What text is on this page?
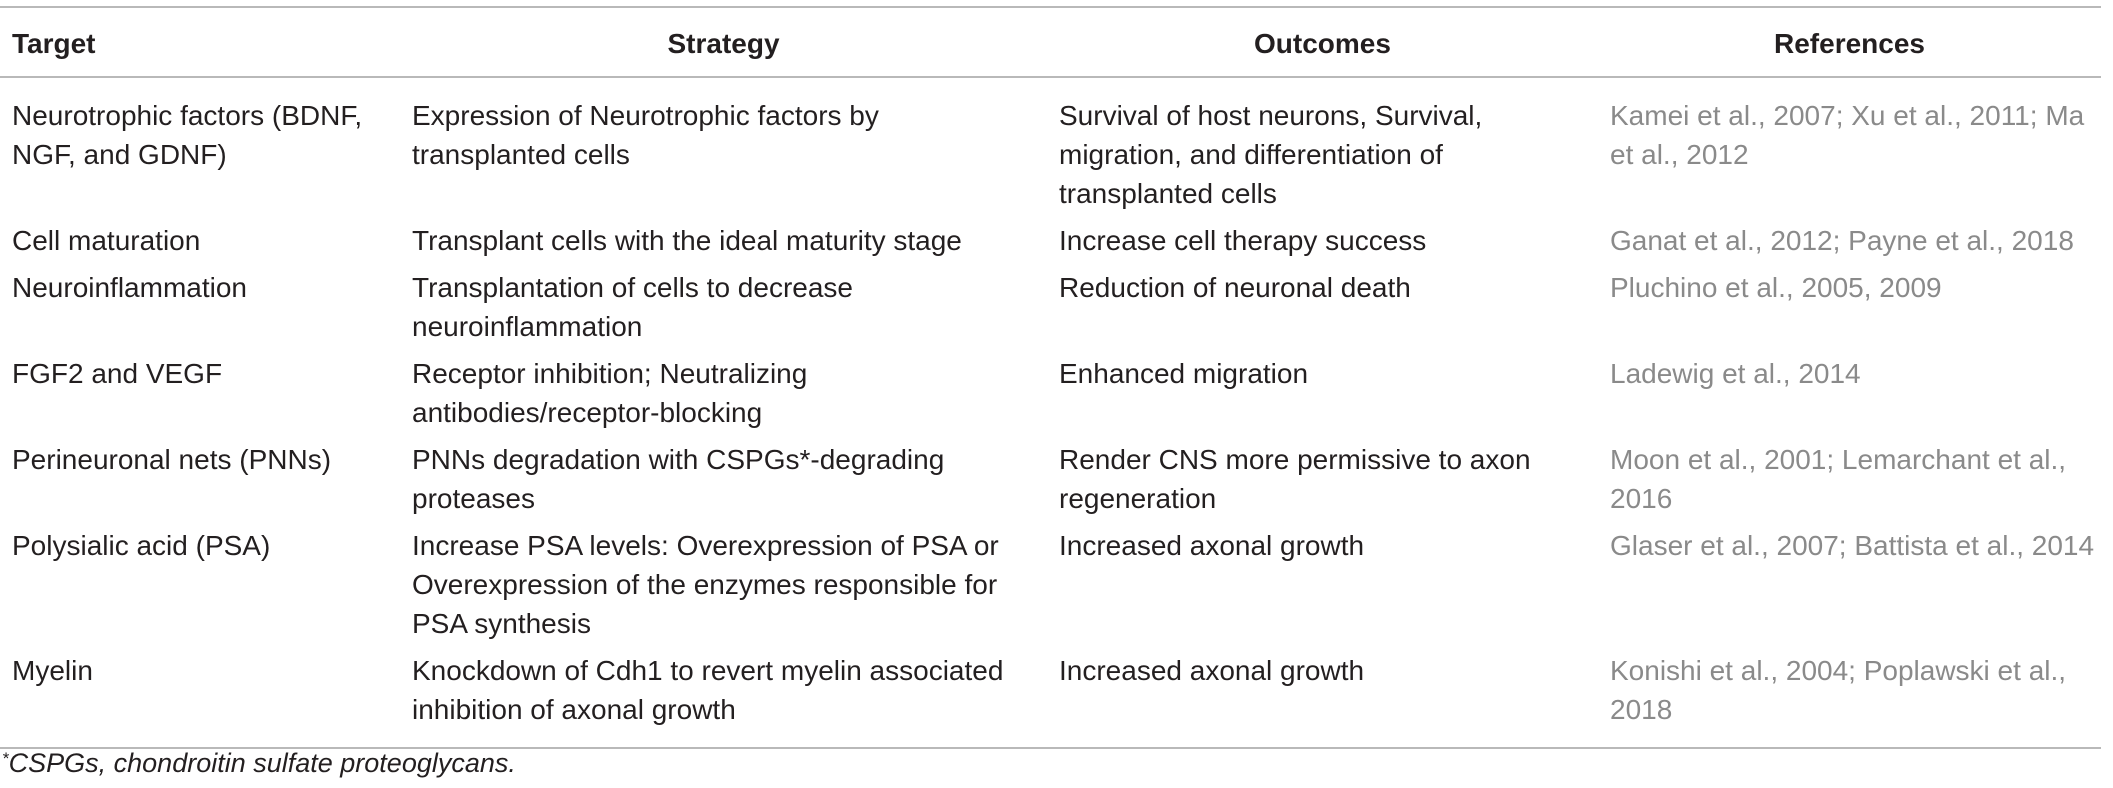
Target	Strategy	Outcomes	References
Neurotrophic factors (BDNF, NGF, and GDNF)	Expression of Neurotrophic factors by transplanted cells	Survival of host neurons, Survival, migration, and differentiation of transplanted cells	Kamei et al., 2007; Xu et al., 2011; Ma et al., 2012
Cell maturation	Transplant cells with the ideal maturity stage	Increase cell therapy success	Ganat et al., 2012; Payne et al., 2018
Neuroinflammation	Transplantation of cells to decrease neuroinflammation	Reduction of neuronal death	Pluchino et al., 2005, 2009
FGF2 and VEGF	Receptor inhibition; Neutralizing antibodies/receptor-blocking	Enhanced migration	Ladewig et al., 2014
Perineuronal nets (PNNs)	PNNs degradation with CSPGs*-degrading proteases	Render CNS more permissive to axon regeneration	Moon et al., 2001; Lemarchant et al., 2016
Polysialic acid (PSA)	Increase PSA levels: Overexpression of PSA or Overexpression of the enzymes responsible for PSA synthesis	Increased axonal growth	Glaser et al., 2007; Battista et al., 2014
Myelin	Knockdown of Cdh1 to revert myelin associated inhibition of axonal growth	Increased axonal growth	Konishi et al., 2004; Poplawski et al., 2018
*CSPGs, chondroitin sulfate proteoglycans.
